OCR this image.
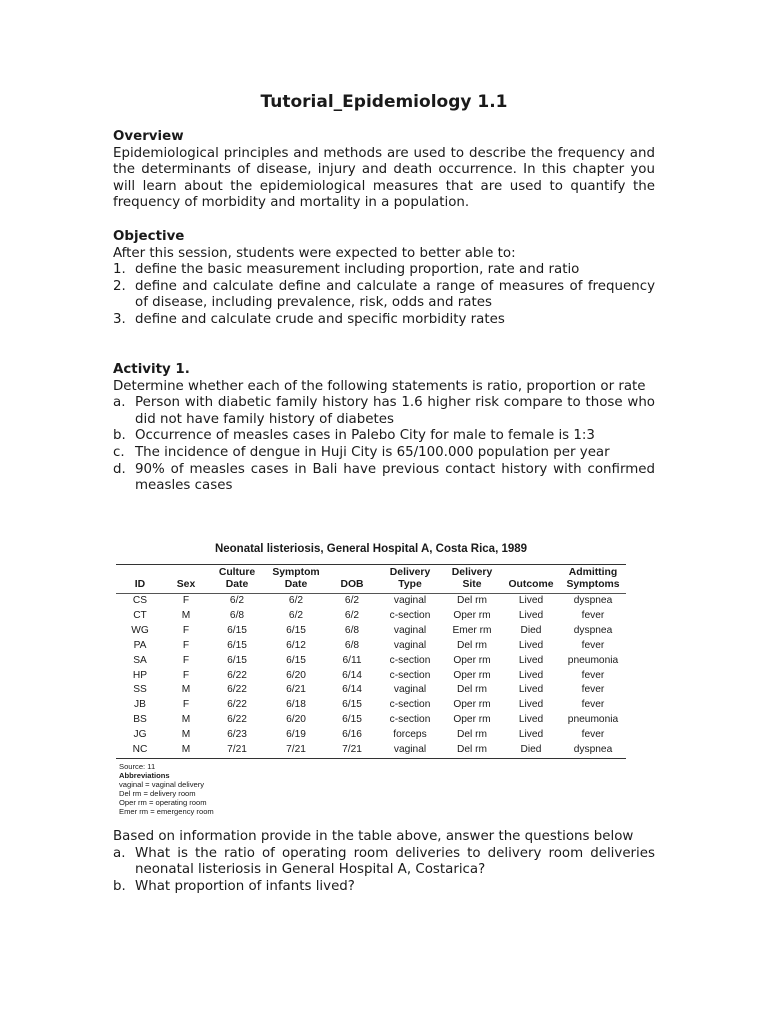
Tutorial_Epidemiology 1.1
Overview
Epidemiological principles and methods are used to describe the frequency and the determinants of disease, injury and death occurrence. In this chapter you will learn about the epidemiological measures that are used to quantify the frequency of morbidity and mortality in a population.
Objective
After this session, students were expected to better able to:
1. define the basic measurement including proportion, rate and ratio
2. define and calculate define and calculate a range of measures of frequency of disease, including prevalence, risk, odds and rates
3. define and calculate crude and specific morbidity rates
Activity 1.
Determine whether each of the following statements is ratio, proportion or rate
a. Person with diabetic family history has 1.6 higher risk compare to those who did not have family history of diabetes
b. Occurrence of measles cases in Palebo City for male to female is 1:3
c. The incidence of dengue in Huji City is 65/100.000 population per year
d. 90% of measles cases in Bali have previous contact history with confirmed measles cases
Neonatal listeriosis, General Hospital A, Costa Rica, 1989
ID	Sex	Culture Date	Symptom Date	DOB	Delivery Type	Delivery Site	Outcome	Admitting Symptoms
CS	F	6/2	6/2	6/2	vaginal	Del rm	Lived	dyspnea
CT	M	6/8	6/2	6/2	c-section	Oper rm	Lived	fever
WG	F	6/15	6/15	6/8	vaginal	Emer rm	Died	dyspnea
PA	F	6/15	6/12	6/8	vaginal	Del rm	Lived	fever
SA	F	6/15	6/15	6/11	c-section	Oper rm	Lived	pneumonia
HP	F	6/22	6/20	6/14	c-section	Oper rm	Lived	fever
SS	M	6/22	6/21	6/14	vaginal	Del rm	Lived	fever
JB	F	6/22	6/18	6/15	c-section	Oper rm	Lived	fever
BS	M	6/22	6/20	6/15	c-section	Oper rm	Lived	pneumonia
JG	M	6/23	6/19	6/16	forceps	Del rm	Lived	fever
NC	M	7/21	7/21	7/21	vaginal	Del rm	Died	dyspnea
Source: 11
Abbreviations
vaginal = vaginal delivery
Del rm = delivery room
Oper rm = operating room
Emer rm = emergency room
Based on information provide in the table above, answer the questions below
a. What is the ratio of operating room deliveries to delivery room deliveries neonatal listeriosis in General Hospital A, Costarica?
b. What proportion of infants lived?
